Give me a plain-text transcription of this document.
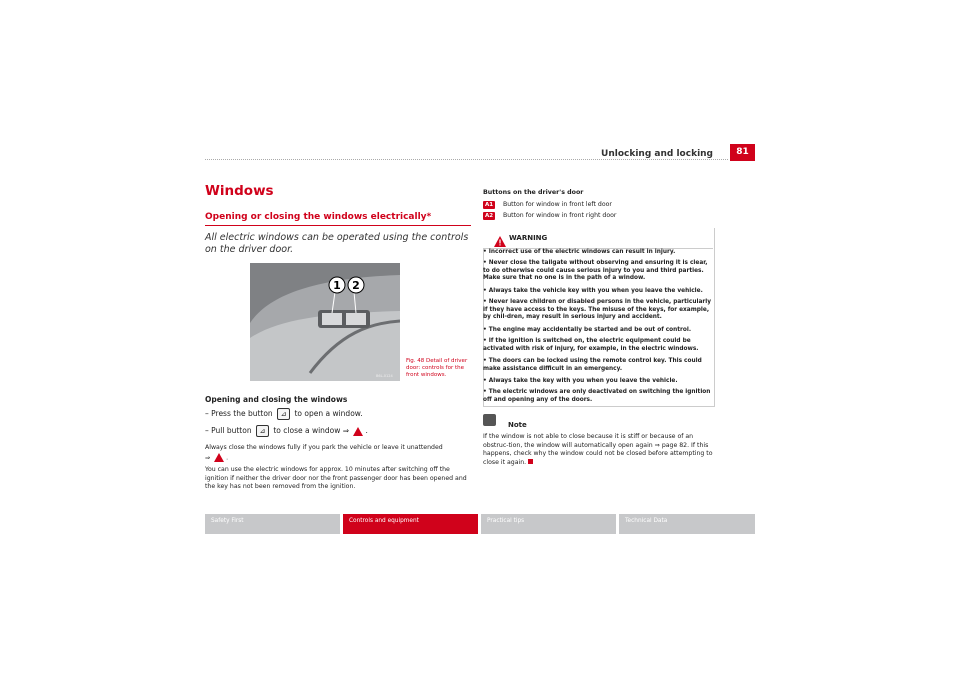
Unlocking and locking	81
Windows
Opening or closing the windows electrically*
All electric windows can be operated using the controls on the driver door.
1 2
B6L-0124
Fig. 48 Detail of driver door: controls for the front windows.
Opening and closing the windows
– Press the button ⊿ to open a window.
– Pull button ⊿ to close a window ⇒ .
Always close the windows fully if you park the vehicle or leave it unattended
⇒	.
You can use the electric windows for approx. 10 minutes after switching off the ignition if neither the driver door nor the front passenger door has been opened and the key has not been removed from the ignition.
Buttons on the driver's door
A1	Button for window in front left door
A2	Button for window in front right door
WARNING
• Incorrect use of the electric windows can result in injury.
• Never close the tailgate without observing and ensuring it is clear, to do otherwise could cause serious injury to you and third parties. Make sure that no one is in the path of a window.
• Always take the vehicle key with you when you leave the vehicle.
• Never leave children or disabled persons in the vehicle, particularly if they have access to the keys. The misuse of the keys, for example, by chil-dren, may result in serious injury and accident.
• The engine may accidentally be started and be out of control.
• If the ignition is switched on, the electric equipment could be activated with risk of injury, for example, in the electric windows.
• The doors can be locked using the remote control key. This could make assistance difficult in an emergency.
• Always take the key with you when you leave the vehicle.
• The electric windows are only deactivated on switching the ignition off and opening any of the doors.
Note
If the window is not able to close because it is stiff or because of an obstruc-tion, the window will automatically open again ⇒ page 82. If this happens, check why the window could not be closed before attempting to close it again.
Safety First	Controls and equipment	Practical tips	Technical Data
